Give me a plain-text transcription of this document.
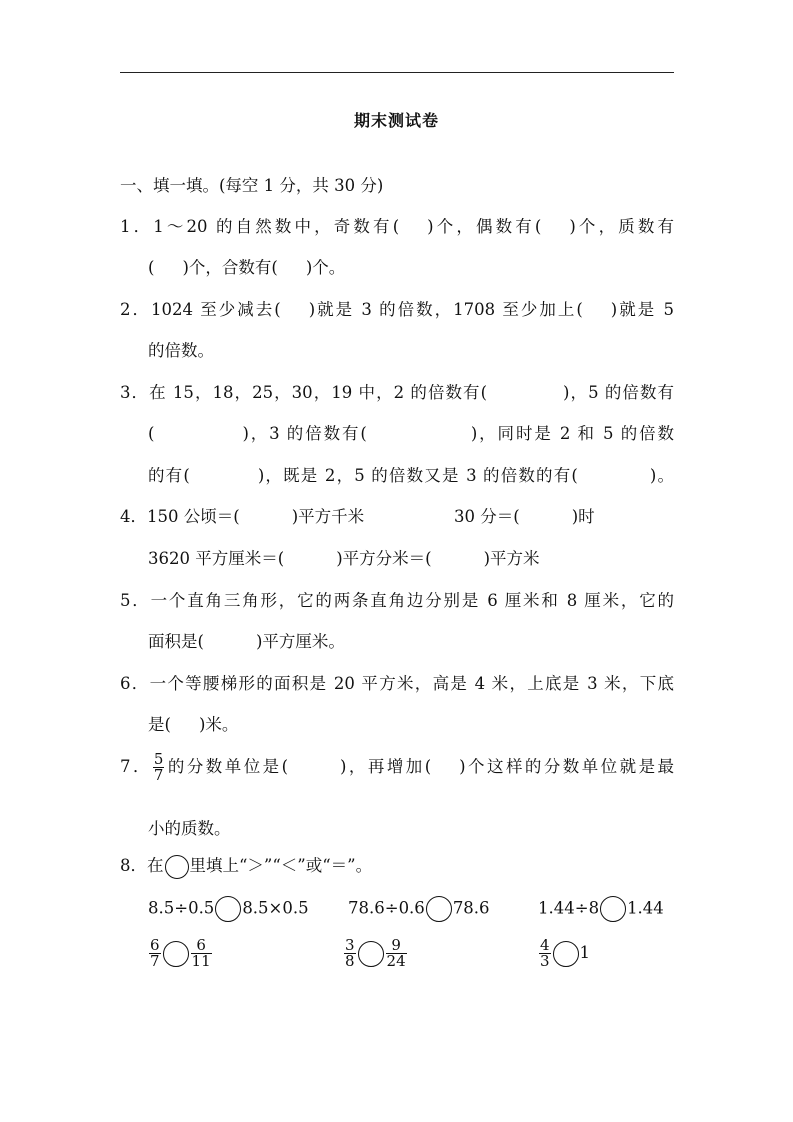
期末测试卷
一、填一填。(每空 1 分，共 30 分)
1．1～20 的自然数中，奇数有( )个，偶数有( )个，质数有
( )个，合数有( )个。
2．1024 至少减去( )就是 3 的倍数，1708 至少加上( )就是 5
的倍数。
3．在 15，18，25，30，19 中，2 的倍数有(	)，5 的倍数有
(	)，3 的倍数有(	)，同时是 2 和 5 的倍数
的有(	)，既是 2，5 的倍数又是 3 的倍数的有(	)。
4．150 公顷＝(	)平方千米	30 分＝(	)时
3620 平方厘米＝(	)平方分米＝(	)平方米
5．一个直角三角形，它的两条直角边分别是 6 厘米和 8 厘米，它的
面积是(	)平方厘米。
6．一个等腰梯形的面积是 20 平方米，高是 4 米，上底是 3 米，下底
是( )米。
7． $\frac{5}{7}$ 的分数单位是(	)，再增加( )个这样的分数单位就是最
小的质数。
8．在 里填上“＞”“＜”或“＝”。
8.5÷0.5 8.5×0.5 78.6÷0.6 78.6	1.44÷8 1.44
$\frac{6}{7} \frac{6}{11}$	$\frac{3}{8} \frac{9}{24}$	$\frac{4}{3} 1$
